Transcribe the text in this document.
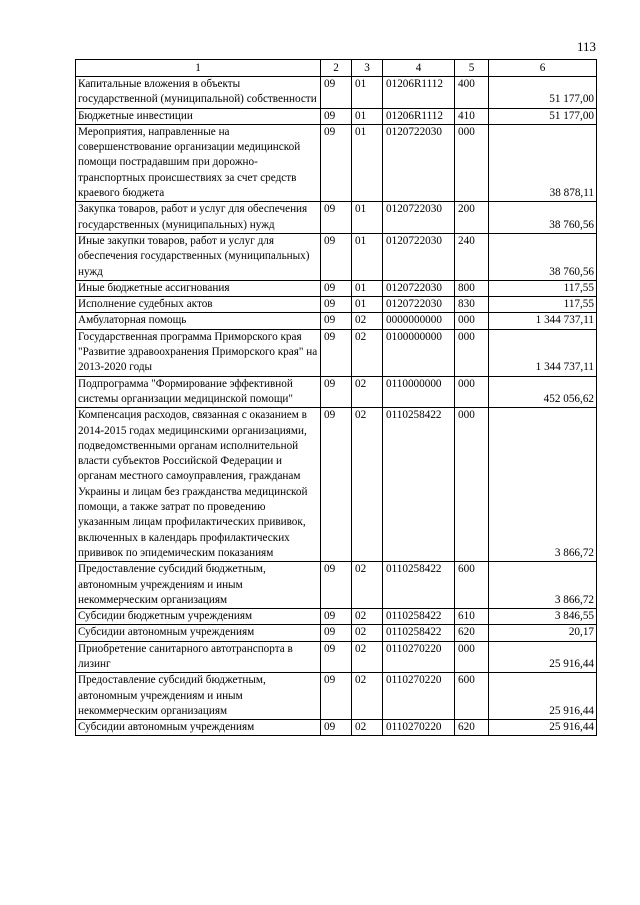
113
1	2	3	4	5	6
Капитальные вложения в объекты государственной (муниципальной) собственности	09	01	01206R1112	400	51 177,00
Бюджетные инвестиции	09	01	01206R1112	410	51 177,00
Мероприятия, направленные на совершенствование организации медицинской помощи пострадавшим при дорожно-транспортных происшествиях за счет средств краевого бюджета	09	01	0120722030	000	38 878,11
Закупка товаров, работ и услуг для обеспечения государственных (муниципальных) нужд	09	01	0120722030	200	38 760,56
Иные закупки товаров, работ и услуг для обеспечения государственных (муниципальных) нужд	09	01	0120722030	240	38 760,56
Иные бюджетные ассигнования	09	01	0120722030	800	117,55
Исполнение судебных актов	09	01	0120722030	830	117,55
Амбулаторная помощь	09	02	0000000000	000	1 344 737,11
Государственная программа Приморского края "Развитие здравоохранения Приморского края" на 2013-2020 годы	09	02	0100000000	000	1 344 737,11
Подпрограмма "Формирование эффективной системы организации медицинской помощи"	09	02	0110000000	000	452 056,62
Компенсация расходов, связанная с оказанием в 2014-2015 годах медицинскими организациями, подведомственными органам исполнительной власти субъектов Российской Федерации и органам местного самоуправления, гражданам Украины и лицам без гражданства медицинской помощи, а также затрат по проведению указанным лицам профилактических прививок, включенных в календарь профилактических прививок по эпидемическим показаниям	09	02	0110258422	000	3 866,72
Предоставление субсидий бюджетным, автономным учреждениям и иным некоммерческим организациям	09	02	0110258422	600	3 866,72
Субсидии бюджетным учреждениям	09	02	0110258422	610	3 846,55
Субсидии автономным учреждениям	09	02	0110258422	620	20,17
Приобретение санитарного автотранспорта в лизинг	09	02	0110270220	000	25 916,44
Предоставление субсидий бюджетным, автономным учреждениям и иным некоммерческим организациям	09	02	0110270220	600	25 916,44
Субсидии автономным учреждениям	09	02	0110270220	620	25 916,44
